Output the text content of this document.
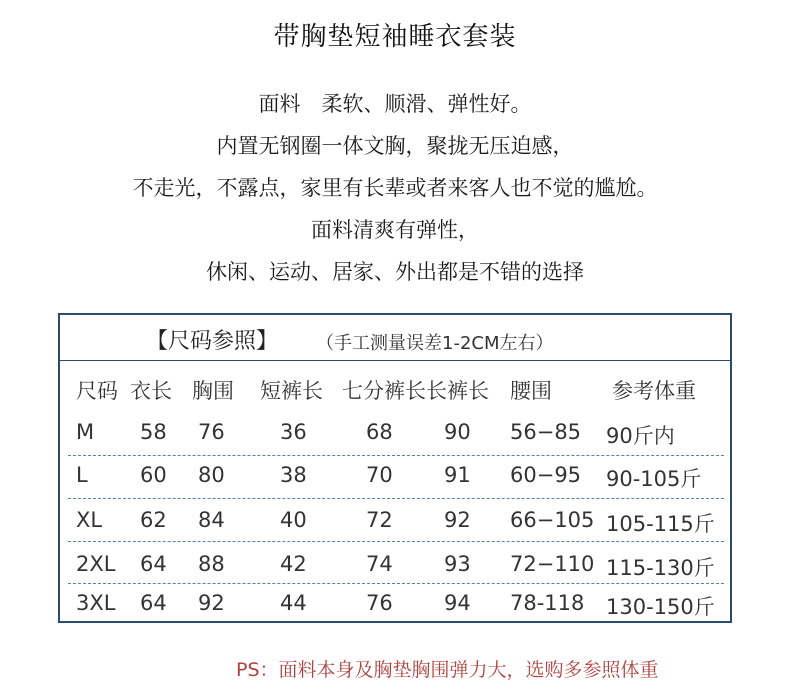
带胸垫短袖睡衣套装
面料　柔软、顺滑、弹性好。
内置无钢圈一体文胸，聚拢无压迫感，
不走光，不露点，家里有长辈或者来客人也不觉的尴尬。
面料清爽有弹性，
休闲、运动、居家、外出都是不错的选择
【尺码参照】 （手工测量误差1-2CM左右）
尺码 衣长 胸围 短裤长 七分裤长 长裤长 腰围	参考体重
M 58 76	36	68 90 56−85 90斤内
L 60 80	38	70 91 60−95 90-105斤
XL 62 84	40	72 92 66−105 105-115斤
2XL 64 88	42	74 93 72−110 115-130斤
3XL 64 92	44	76 94 78-118 130-150斤
PS：面料本身及胸垫胸围弹力大，选购多参照体重
